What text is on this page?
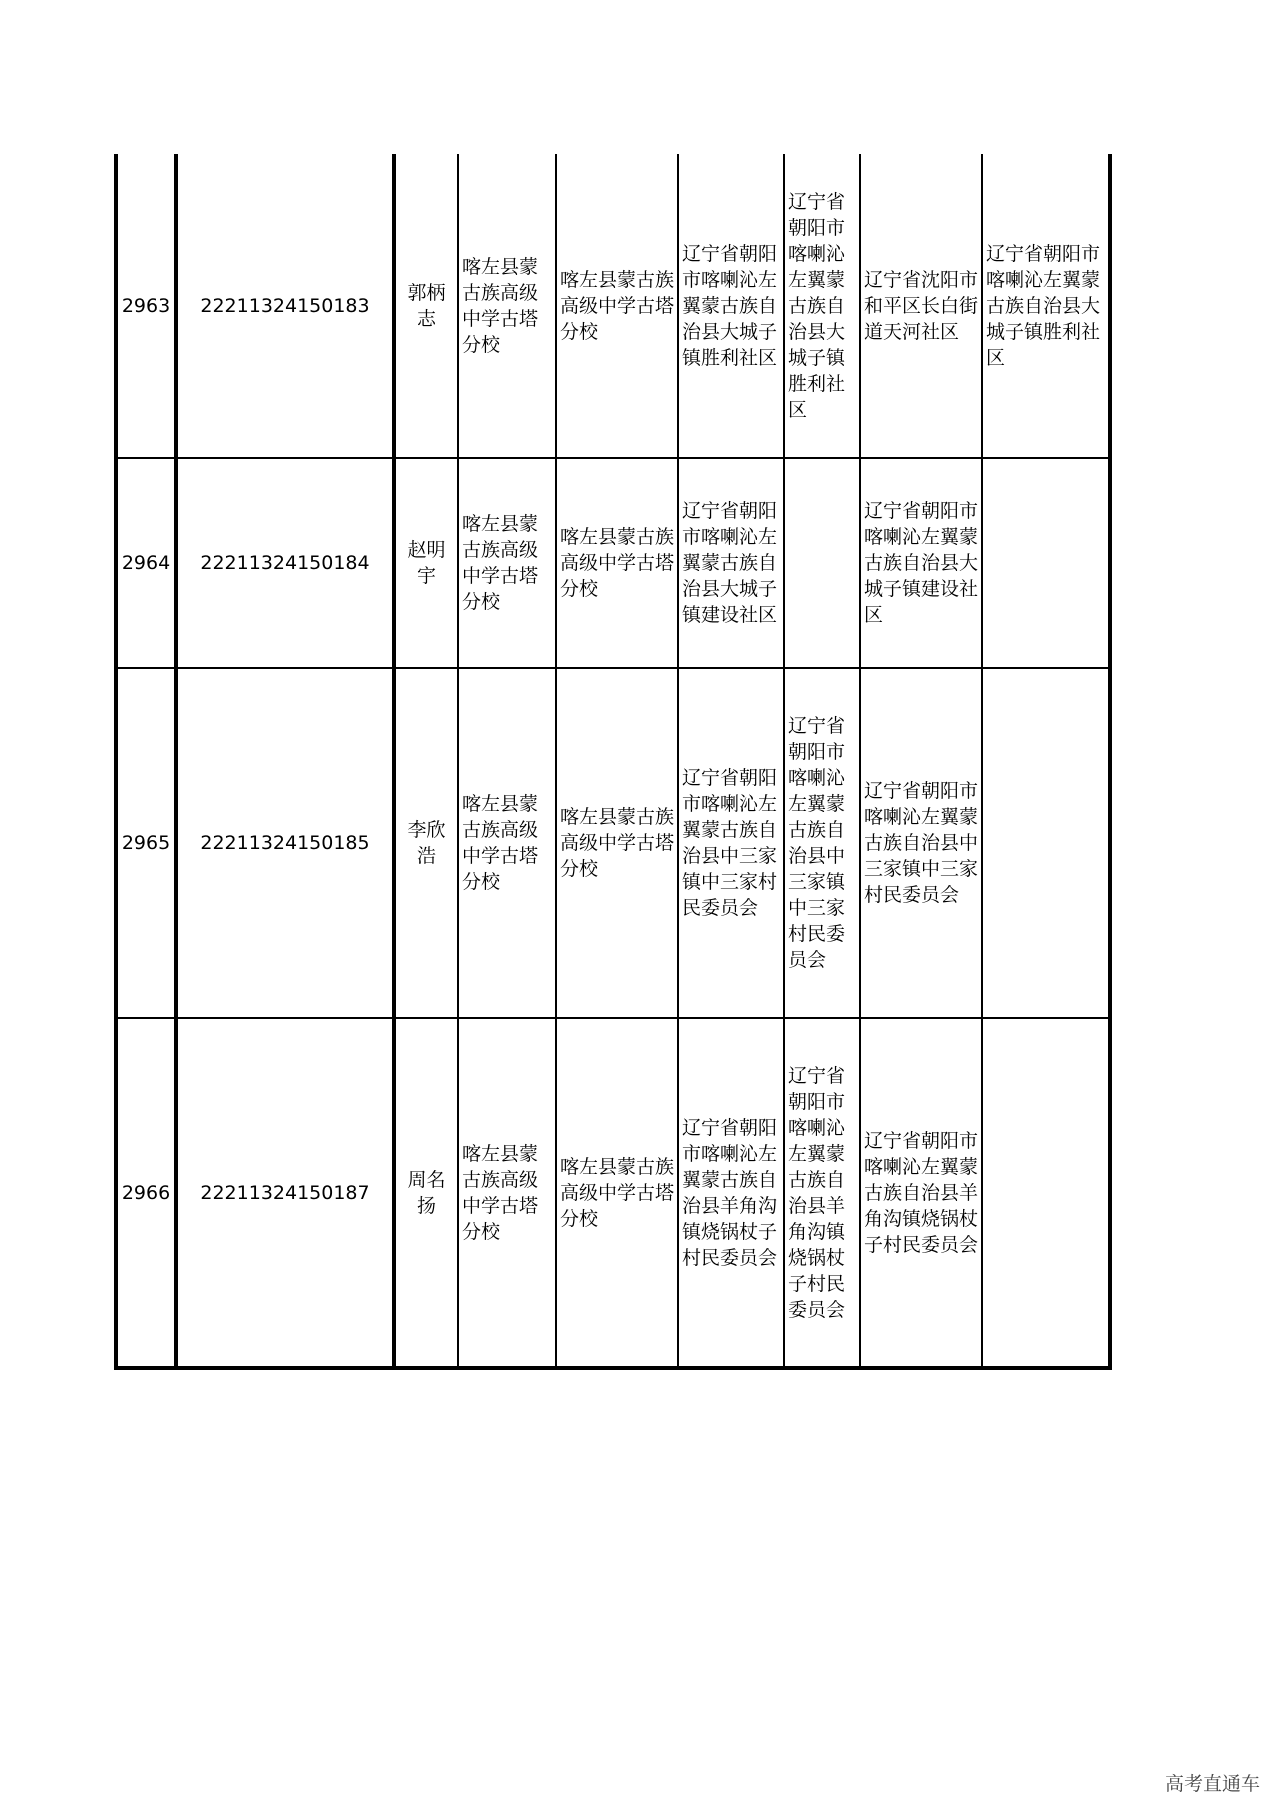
2963	22211324150183	郭柄志	喀左县蒙古族高级中学古塔分校	喀左县蒙古族高级中学古塔分校	辽宁省朝阳市喀喇沁左翼蒙古族自治县大城子镇胜利社区	辽宁省朝阳市喀喇沁左翼蒙古族自治县大城子镇胜利社区	辽宁省沈阳市和平区长白街道天河社区	辽宁省朝阳市喀喇沁左翼蒙古族自治县大城子镇胜利社区
2964	22211324150184	赵明宇	喀左县蒙古族高级中学古塔分校	喀左县蒙古族高级中学古塔分校	辽宁省朝阳市喀喇沁左翼蒙古族自治县大城子镇建设社区		辽宁省朝阳市喀喇沁左翼蒙古族自治县大城子镇建设社区	
2965	22211324150185	李欣浩	喀左县蒙古族高级中学古塔分校	喀左县蒙古族高级中学古塔分校	辽宁省朝阳市喀喇沁左翼蒙古族自治县中三家镇中三家村民委员会	辽宁省朝阳市喀喇沁左翼蒙古族自治县中三家镇中三家村民委员会	辽宁省朝阳市喀喇沁左翼蒙古族自治县中三家镇中三家村民委员会	
2966	22211324150187	周名扬	喀左县蒙古族高级中学古塔分校	喀左县蒙古族高级中学古塔分校	辽宁省朝阳市喀喇沁左翼蒙古族自治县羊角沟镇烧锅杖子村民委员会	辽宁省朝阳市喀喇沁左翼蒙古族自治县羊角沟镇烧锅杖子村民委员会	辽宁省朝阳市喀喇沁左翼蒙古族自治县羊角沟镇烧锅杖子村民委员会	
高考直通车
